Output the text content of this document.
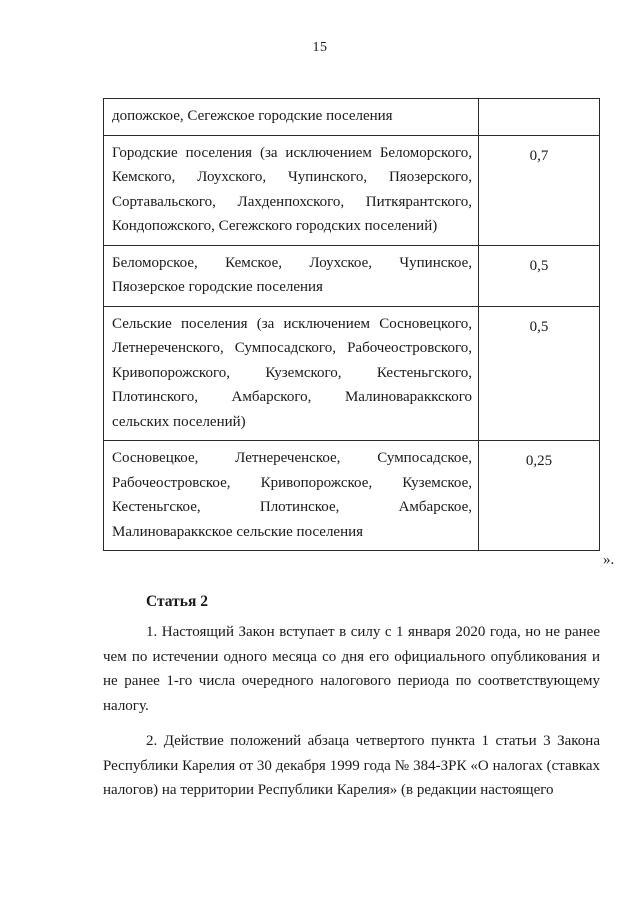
15
допожское, Сегежское городские поселения	
Городские поселения (за исключением Беломорского, Кемского, Лоухского, Чупинского, Пяозерского, Сортавальского, Лахденпохского, Питкярантского, Кондопожского, Сегежского городских поселений)	0,7
Беломорское, Кемское, Лоухское, Чупинское, Пяозерское городские поселения	0,5
Сельские поселения (за исключением Сосновецкого, Летнереченского, Сумпосадского, Рабочеостровского, Кривопорожского, Куземского, Кестеньгского, Плотинского, Амбарского, Малиновараккского сельских поселений)	0,5
Сосновецкое, Летнереченское, Сумпосадское, Рабочеостровское, Кривопорожское, Куземское, Кестеньгское, Плотинское, Амбарское, Малиновараккское сельские поселения	0,25
».
Статья 2

1. Настоящий Закон вступает в силу с 1 января 2020 года, но не ранее чем по истечении одного месяца со дня его официального опубликования и не ранее 1-го числа очередного налогового периода по соответствующему налогу.

2. Действие положений абзаца четвертого пункта 1 статьи 3 Закона Республики Карелия от 30 декабря 1999 года № 384-ЗРК «О налогах (ставках налогов) на территории Республики Карелия» (в редакции настоящего
